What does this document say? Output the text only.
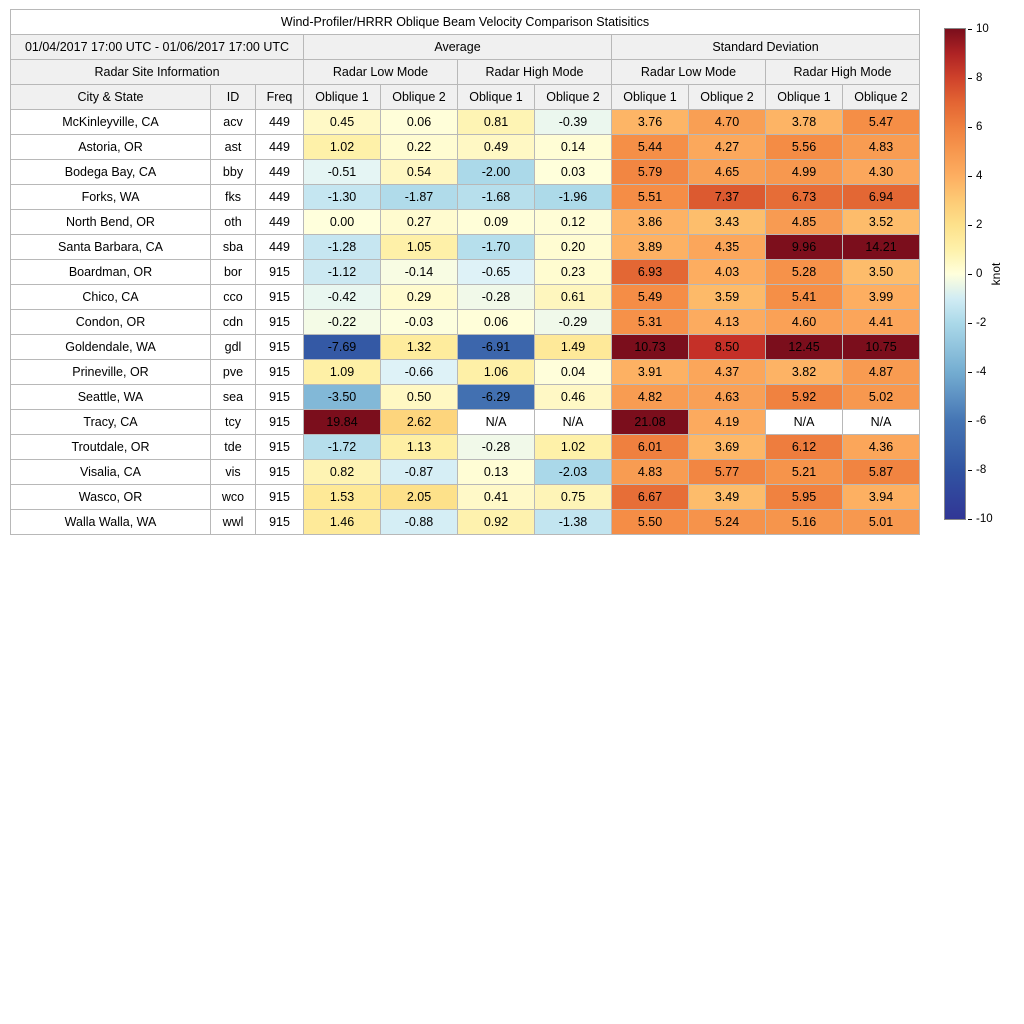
Wind-Profiler/HRRR Oblique Beam Velocity Comparison Statisitics										
01/04/2017 17:00 UTC - 01/06/2017 17:00 UTC			Average				Standard Deviation			
Radar Site Information			Radar Low Mode		Radar High Mode		Radar Low Mode		Radar High Mode	
City & State	ID	Freq	Oblique 1	Oblique 2	Oblique 1	Oblique 2	Oblique 1	Oblique 2	Oblique 1	Oblique 2
McKinleyville, CA	acv	449	0.45	0.06	0.81	-0.39	3.76	4.70	3.78	5.47
Astoria, OR	ast	449	1.02	0.22	0.49	0.14	5.44	4.27	5.56	4.83
Bodega Bay, CA	bby	449	-0.51	0.54	-2.00	0.03	5.79	4.65	4.99	4.30
Forks, WA	fks	449	-1.30	-1.87	-1.68	-1.96	5.51	7.37	6.73	6.94
North Bend, OR	oth	449	0.00	0.27	0.09	0.12	3.86	3.43	4.85	3.52
Santa Barbara, CA	sba	449	-1.28	1.05	-1.70	0.20	3.89	4.35	9.96	14.21
Boardman, OR	bor	915	-1.12	-0.14	-0.65	0.23	6.93	4.03	5.28	3.50
Chico, CA	cco	915	-0.42	0.29	-0.28	0.61	5.49	3.59	5.41	3.99
Condon, OR	cdn	915	-0.22	-0.03	0.06	-0.29	5.31	4.13	4.60	4.41
Goldendale, WA	gdl	915	-7.69	1.32	-6.91	1.49	10.73	8.50	12.45	10.75
Prineville, OR	pve	915	1.09	-0.66	1.06	0.04	3.91	4.37	3.82	4.87
Seattle, WA	sea	915	-3.50	0.50	-6.29	0.46	4.82	4.63	5.92	5.02
Tracy, CA	tcy	915	19.84	2.62	N/A	N/A	21.08	4.19	N/A	N/A
Troutdale, OR	tde	915	-1.72	1.13	-0.28	1.02	6.01	3.69	6.12	4.36
Visalia, CA	vis	915	0.82	-0.87	0.13	-2.03	4.83	5.77	5.21	5.87
Wasco, OR	wco	915	1.53	2.05	0.41	0.75	6.67	3.49	5.95	3.94
Walla Walla, WA	wwl	915	1.46	-0.88	0.92	-1.38	5.50	5.24	5.16	5.01
10
8
6
4
2
0
-2
-4
-6
-8
-10
knot
